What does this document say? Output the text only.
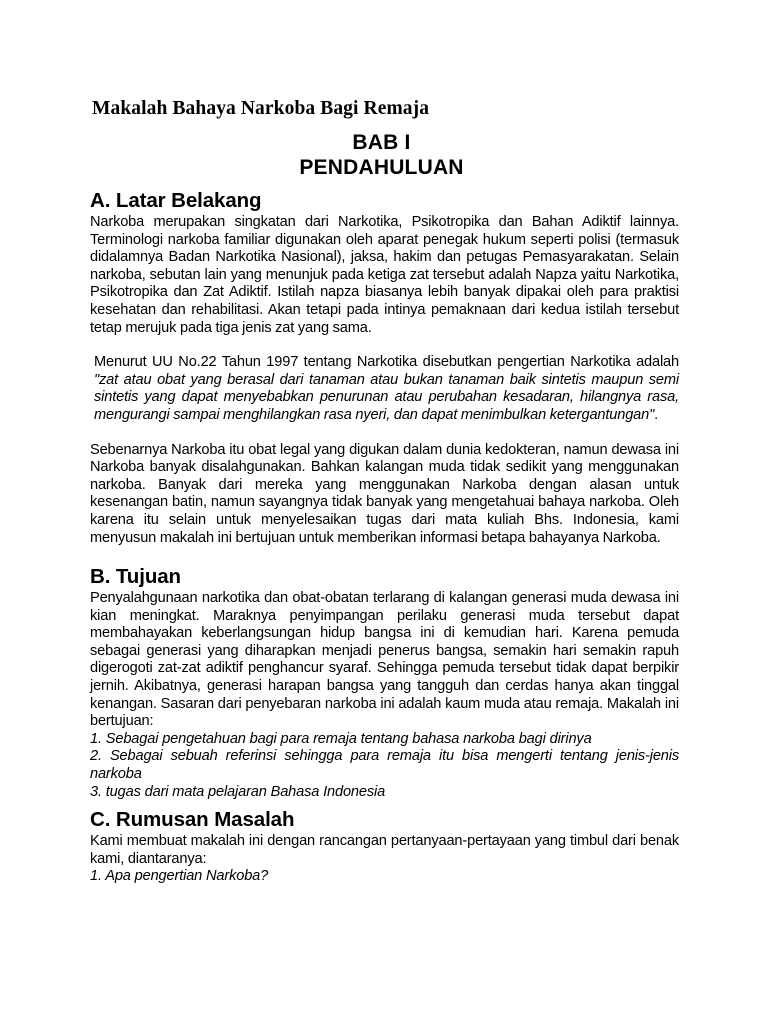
Makalah Bahaya Narkoba Bagi Remaja
BAB I
PENDAHULUAN
A. Latar Belakang

Narkoba merupakan singkatan dari Narkotika, Psikotropika dan Bahan Adiktif lainnya. Terminologi narkoba familiar digunakan oleh aparat penegak hukum seperti polisi (termasuk didalamnya Badan Narkotika Nasional), jaksa, hakim dan petugas Pemasyarakatan. Selain narkoba, sebutan lain yang menunjuk pada ketiga zat tersebut adalah Napza yaitu Narkotika, Psikotropika dan Zat Adiktif. Istilah napza biasanya lebih banyak dipakai oleh para praktisi kesehatan dan rehabilitasi. Akan tetapi pada intinya pemaknaan dari kedua istilah tersebut tetap merujuk pada tiga jenis zat yang sama.

Menurut UU No.22 Tahun 1997 tentang Narkotika disebutkan pengertian Narkotika adalah "zat atau obat yang berasal dari tanaman atau bukan tanaman baik sintetis maupun semi sintetis yang dapat menyebabkan penurunan atau perubahan kesadaran, hilangnya rasa, mengurangi sampai menghilangkan rasa nyeri, dan dapat menimbulkan ketergantungan".

Sebenarnya Narkoba itu obat legal yang digukan dalam dunia kedokteran, namun dewasa ini Narkoba banyak disalahgunakan. Bahkan kalangan muda tidak sedikit yang menggunakan narkoba. Banyak dari mereka yang menggunakan Narkoba dengan alasan untuk kesenangan batin, namun sayangnya tidak banyak yang mengetahuai bahaya narkoba. Oleh karena itu selain untuk menyelesaikan tugas dari mata kuliah Bhs. Indonesia, kami menyusun makalah ini bertujuan untuk memberikan informasi betapa bahayanya Narkoba.

B. Tujuan

Penyalahgunaan narkotika dan obat-obatan terlarang di kalangan generasi muda dewasa ini kian meningkat. Maraknya penyimpangan perilaku generasi muda tersebut dapat membahayakan keberlangsungan hidup bangsa ini di kemudian hari. Karena pemuda sebagai generasi yang diharapkan menjadi penerus bangsa, semakin hari semakin rapuh digerogoti zat-zat adiktif penghancur syaraf. Sehingga pemuda tersebut tidak dapat berpikir jernih. Akibatnya, generasi harapan bangsa yang tangguh dan cerdas hanya akan tinggal kenangan. Sasaran dari penyebaran narkoba ini adalah kaum muda atau remaja. Makalah ini bertujuan:

1. Sebagai pengetahuan bagi para remaja tentang bahasa narkoba bagi dirinya
2. Sebagai sebuah referinsi sehingga para remaja itu bisa mengerti tentang jenis-jenis narkoba
3. tugas dari mata pelajaran Bahasa Indonesia
C. Rumusan Masalah

Kami membuat makalah ini dengan rancangan pertanyaan-pertayaan yang timbul dari benak kami, diantaranya:

1. Apa pengertian Narkoba?
